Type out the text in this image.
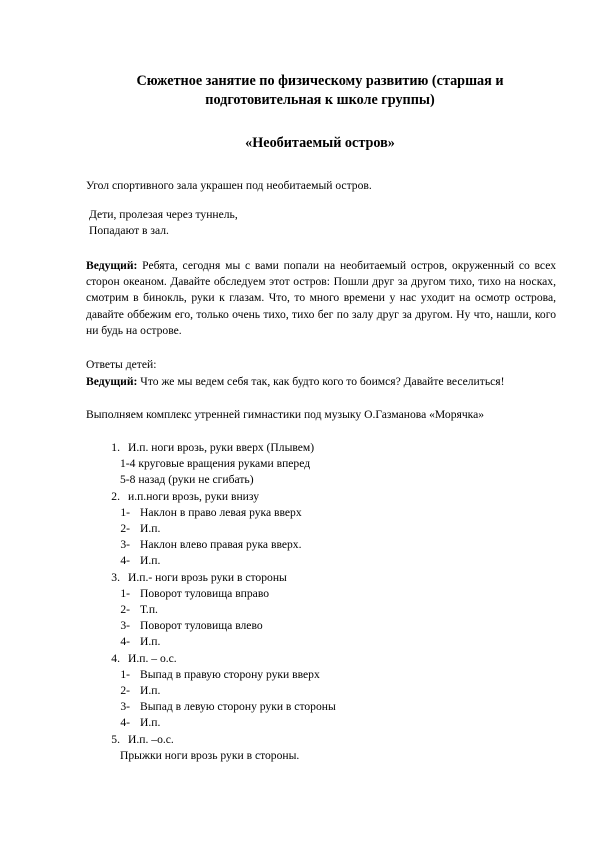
Сюжетное занятие по физическому развитию (старшая и
подготовительная к школе группы)
«Необитаемый остров»

Угол спортивного зала украшен под необитаемый остров.

Дети, пролезая через туннель,
Попадают в зал.

Ведущий: Ребята, сегодня мы с вами попали на необитаемый остров, окруженный со всех сторон океаном. Давайте обследуем этот остров: Пошли друг за другом тихо, тихо на носках, смотрим в бинокль, руки к глазам. Что, то много времени у нас уходит на осмотр острова, давайте оббежим его, только очень тихо, тихо бег по залу друг за другом. Ну что, нашли, кого ни будь на острове.

Ответы детей:

Ведущий: Что же мы ведем себя так, как будто кого то боимся? Давайте веселиться!

Выполняем комплекс утренней гимнастики под музыку О.Газманова «Морячка»

1. И.п. ноги врозь, руки вверх (Плывем)
1-4 круговые вращения руками вперед
5-8 назад (руки не сгибать)
2. и.п.ноги врозь, руки внизу
1- Наклон в право левая рука вверх
2- И.п.
3- Наклон влево правая рука вверх.
4- И.п.
3. И.п.- ноги врозь руки в стороны
1- Поворот туловища вправо
2- Т.п.
3- Поворот туловища влево
4- И.п.
4. И.п. – о.с.
1- Выпад в правую сторону руки вверх
2- И.п.
3- Выпад в левую сторону руки в стороны
4- И.п.
5. И.п. –о.с.
Прыжки ноги врозь руки в стороны.
